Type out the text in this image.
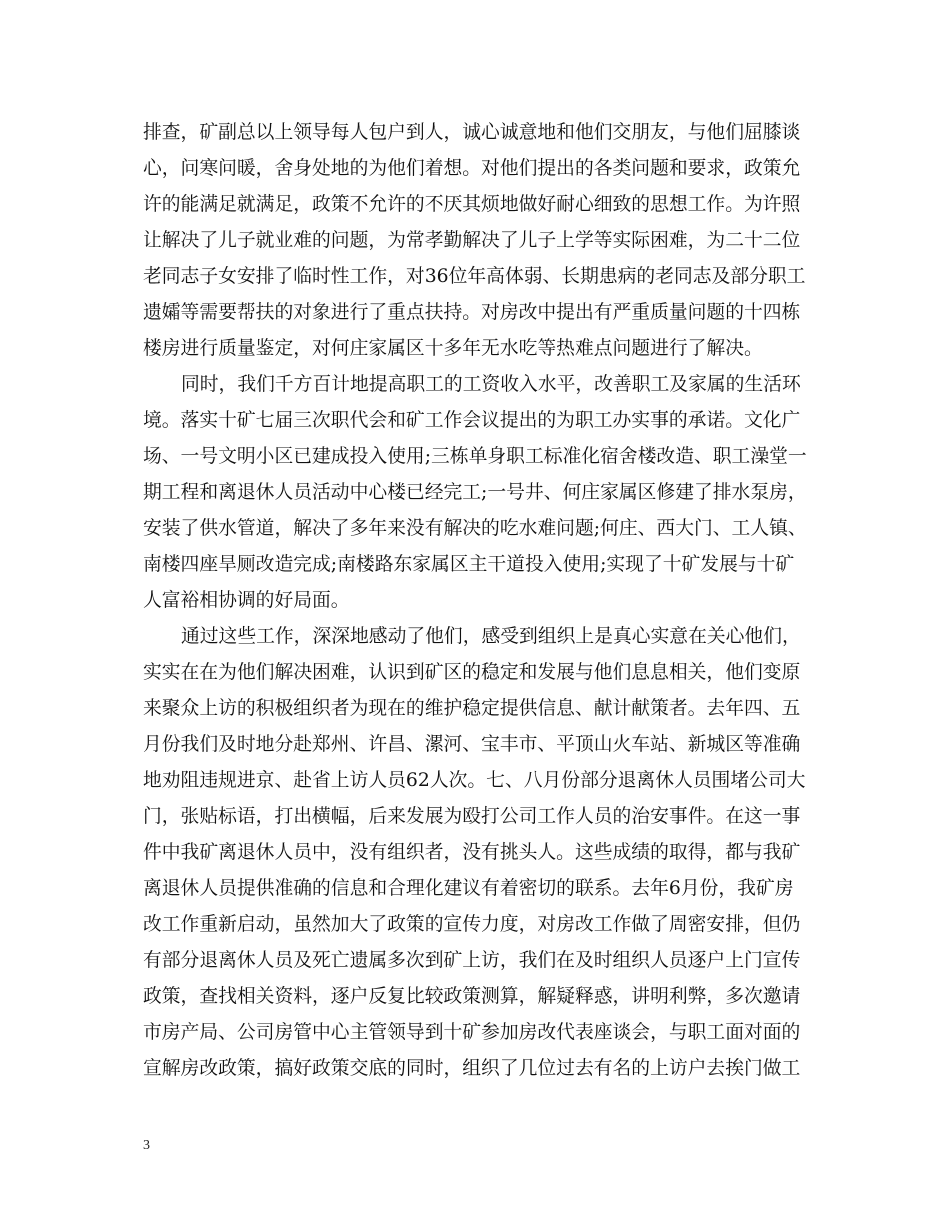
排查，矿副总以上领导每人包户到人，诚心诚意地和他们交朋友，与他们屈膝谈
心，问寒问暖，舍身处地的为他们着想。对他们提出的各类问题和要求，政策允
许的能满足就满足，政策不允许的不厌其烦地做好耐心细致的思想工作。为许照
让解决了儿子就业难的问题，为常孝勤解决了儿子上学等实际困难，为二十二位
老同志子女安排了临时性工作，对36位年高体弱、长期患病的老同志及部分职工
遗孀等需要帮扶的对象进行了重点扶持。对房改中提出有严重质量问题的十四栋
楼房进行质量鉴定，对何庄家属区十多年无水吃等热难点问题进行了解决。

同时，我们千方百计地提高职工的工资收入水平，改善职工及家属的生活环
境。落实十矿七届三次职代会和矿工作会议提出的为职工办实事的承诺。文化广
场、一号文明小区已建成投入使用;三栋单身职工标准化宿舍楼改造、职工澡堂一
期工程和离退休人员活动中心楼已经完工;一号井、何庄家属区修建了排水泵房，
安装了供水管道，解决了多年来没有解决的吃水难问题;何庄、西大门、工人镇、
南楼四座旱厕改造完成;南楼路东家属区主干道投入使用;实现了十矿发展与十矿
人富裕相协调的好局面。

通过这些工作，深深地感动了他们，感受到组织上是真心实意在关心他们，
实实在在为他们解决困难，认识到矿区的稳定和发展与他们息息相关，他们变原
来聚众上访的积极组织者为现在的维护稳定提供信息、献计献策者。去年四、五
月份我们及时地分赴郑州、许昌、漯河、宝丰市、平顶山火车站、新城区等准确
地劝阻违规进京、赴省上访人员62人次。七、八月份部分退离休人员围堵公司大
门，张贴标语，打出横幅，后来发展为殴打公司工作人员的治安事件。在这一事
件中我矿离退休人员中，没有组织者，没有挑头人。这些成绩的取得，都与我矿
离退休人员提供准确的信息和合理化建议有着密切的联系。去年6月份，我矿房
改工作重新启动，虽然加大了政策的宣传力度，对房改工作做了周密安排，但仍
有部分退离休人员及死亡遗属多次到矿上访，我们在及时组织人员逐户上门宣传
政策，查找相关资料，逐户反复比较政策测算，解疑释惑，讲明利弊，多次邀请
市房产局、公司房管中心主管领导到十矿参加房改代表座谈会，与职工面对面的
宣解房改政策，搞好政策交底的同时，组织了几位过去有名的上访户去挨门做工

3
